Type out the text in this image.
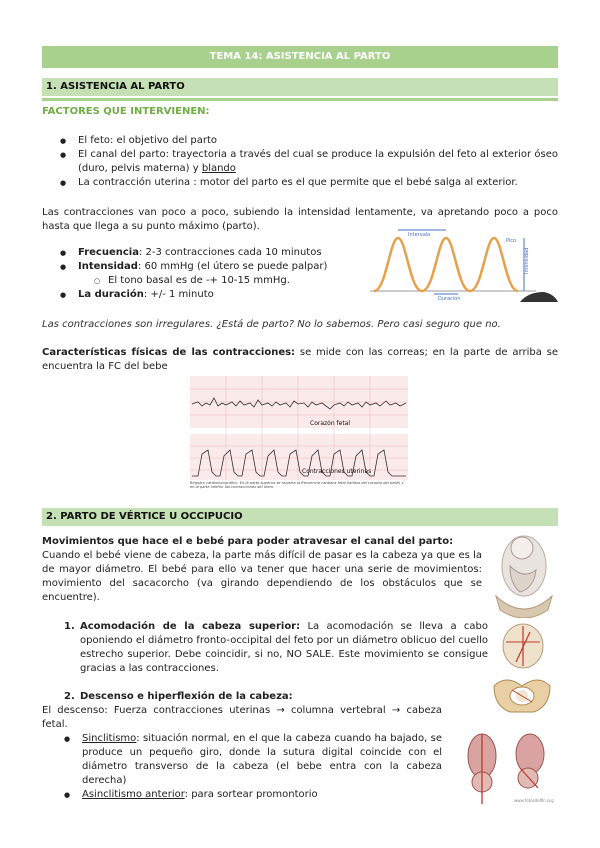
TEMA 14: ASISTENCIA AL PARTO
1. ASISTENCIA AL PARTO
FACTORES QUE INTERVIENEN:
● El feto: el objetivo del parto
● El canal del parto: trayectoria a través del cual se produce la expulsión del feto al exterior óseo (duro, pelvis materna) y blando
● La contracción uterina : motor del parto es el que permite que el bebé salga al exterior.
Las contracciones van poco a poco, subiendo la intensidad lentamente, va apretando poco a poco hasta que llega a su punto máximo (parto).
● Frecuencia: 2-3 contracciones cada 10 minutos
● Intensidad: 60 mmHg (el útero se puede palpar)
○ El tono basal es de -+ 10-15 mmHg.
● La duración: +/- 1 minuto
Intervalo
Pico
Intensidad
Duración
Las contracciones son irregulares. ¿Está de parto? No lo sabemos. Pero casi seguro que no.
Características físicas de las contracciones: se mide con las correas; en la parte de arriba se encuentra la FC del bebe
Corazón fetal
Contracciones uterinas
Registro cardiotocográfico. En la parte superior se registra la frecuencia cardíaca fetal (latidos del corazón del bebé) y en la parte inferior las contracciones del útero.
2. PARTO DE VÉRTICE U OCCIPUCIO
Movimientos que hace el e bebé para poder atravesar el canal del parto:
Cuando el bebé viene de cabeza, la parte más difícil de pasar es la cabeza ya que es la de mayor diámetro. El bebé para ello va tener que hacer una serie de movimientos: movimiento del sacacorcho (va girando dependiendo de los obstáculos que se encuentre).
1. Acomodación de la cabeza superior: La acomodación se lleva a cabo oponiendo el diámetro fronto-occipital del feto por un diámetro oblicuo del cuello estrecho superior. Debe coincidir, si no, NO SALE. Este movimiento se consigue gracias a las contracciones.
2. Descenso e hiperflexión de la cabeza:
El descenso: Fuerza contracciones uterinas → columna vertebral → cabeza fetal.
● Sinclitismo: situación normal, en el que la cabeza cuando ha bajado, se produce un pequeño giro, donde la sutura digital coincide con el diámetro transverso de la cabeza (el bebe entra con la cabeza derecha)
● Asinclitismo anterior: para sortear promontorio
www.fotosdelfin.org
